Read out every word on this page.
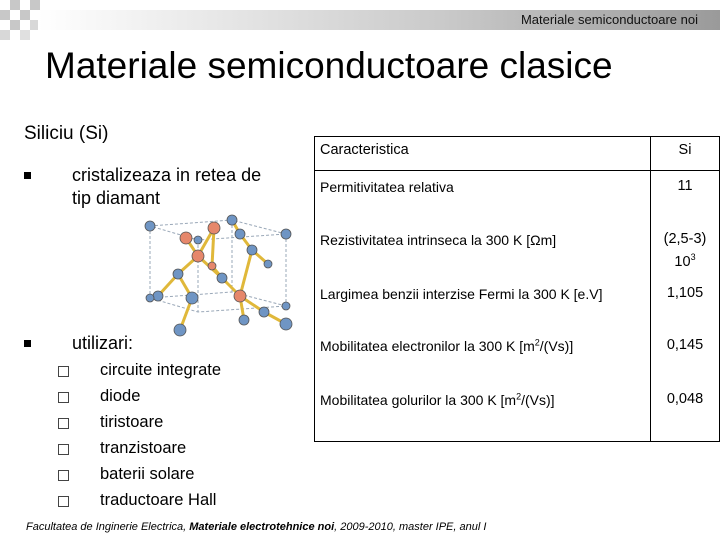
Materiale semiconductoare noi
Materiale semiconductoare clasice
Siliciu (Si)
cristalizeaza in retea de
tip diamant
utilizari:
circuite integrate
diode
tiristoare
tranzistoare
baterii solare
traductoare Hall
Caracteristica	Si
Permitivitatea relativa	11
Rezistivitatea intrinseca la 300 K [Ωm]	(2,5-3)
$10^3$
Largimea benzii interzise Fermi la 300 K [e.V]	1,105
Mobilitatea electronilor la 300 K $[m^2/(Vs)]$	0,145
Mobilitatea golurilor la 300 K $[m^2/(Vs)]$	0,048
Facultatea de Inginerie Electrica, Materiale electrotehnice noi, 2009-2010, master IPE, anul I
